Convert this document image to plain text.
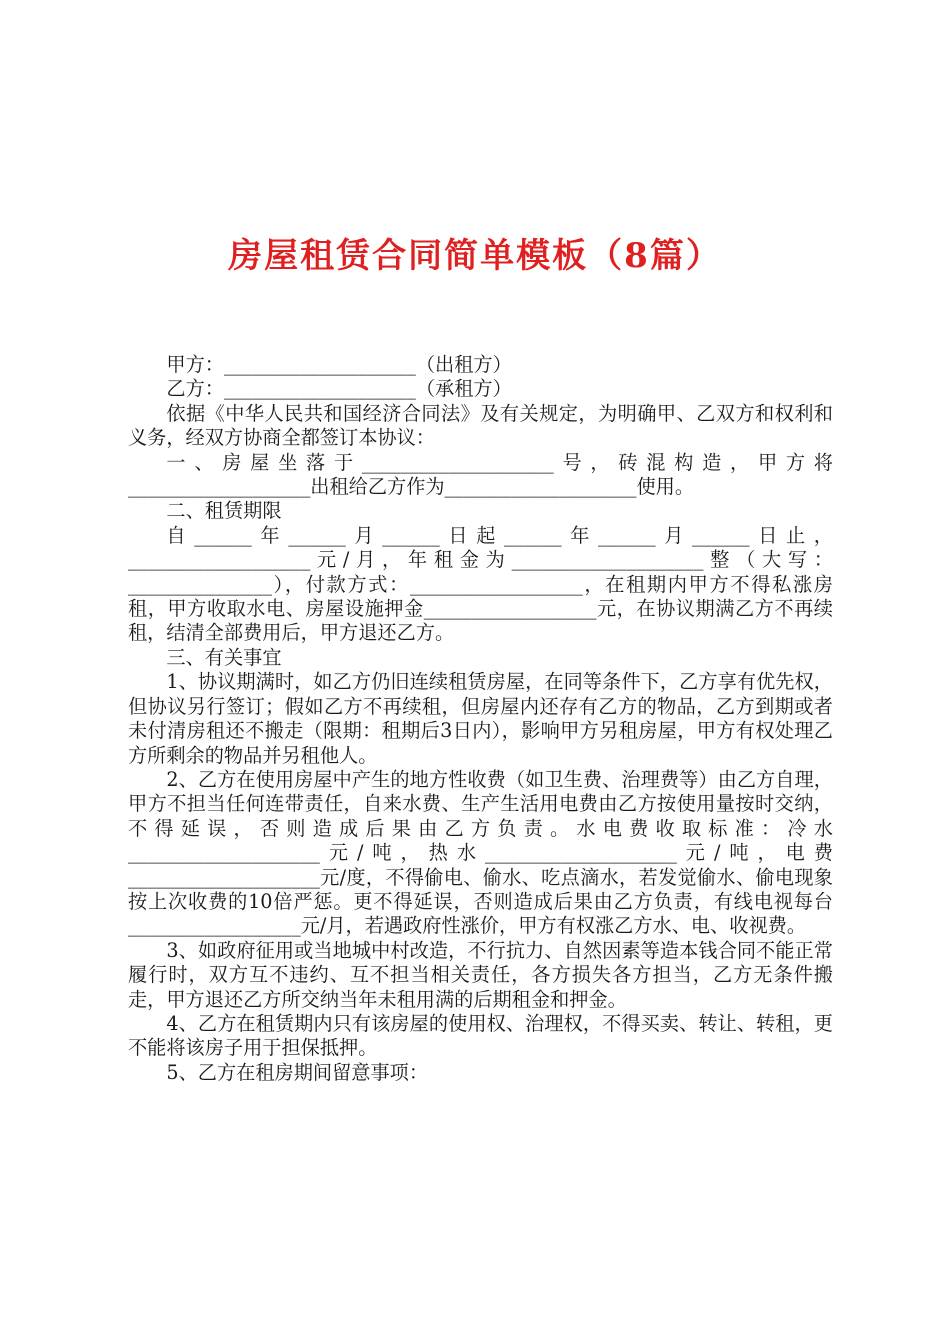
房屋租赁合同简单模板（8篇）

甲方：____________________（出租方）

乙方：____________________（承租方）

依据《中华人民共和国经济合同法》及有关规定，为明确甲、乙双方和权利和义务，经双方协商全都签订本协议：

一、房屋坐落于____________________号，砖混构造，甲方将___________________出租给乙方作为____________________使用。

二、租赁期限

自______年______月______日起______年______月______日止，___________________元/月，年租金为____________________整（大写：_______________），付款方式：__________________，在租期内甲方不得私涨房租，甲方收取水电、房屋设施押金__________________元，在协议期满乙方不再续租，结清全部费用后，甲方退还乙方。

三、有关事宜

1、协议期满时，如乙方仍旧连续租赁房屋，在同等条件下，乙方享有优先权，但协议另行签订；假如乙方不再续租，但房屋内还存有乙方的物品，乙方到期或者未付清房租还不搬走（限期：租期后3日内），影响甲方另租房屋，甲方有权处理乙方所剩余的物品并另租他人。

2、乙方在使用房屋中产生的地方性收费（如卫生费、治理费等）由乙方自理，甲方不担当任何连带责任，自来水费、生产生活用电费由乙方按使用量按时交纳，不得延误，否则造成后果由乙方负责。水电费收取标准：冷水____________________元/吨，热水____________________元/吨，电费____________________元/度，不得偷电、偷水、吃点滴水，若发觉偷水、偷电现象按上次收费的10倍严惩。更不得延误，否则造成后果由乙方负责，有线电视每台__________________元/月，若遇政府性涨价，甲方有权涨乙方水、电、收视费。

3、如政府征用或当地城中村改造，不行抗力、自然因素等造本钱合同不能正常履行时，双方互不违约、互不担当相关责任，各方损失各方担当，乙方无条件搬走，甲方退还乙方所交纳当年未租用满的后期租金和押金。

4、乙方在租赁期内只有该房屋的使用权、治理权，不得买卖、转让、转租，更不能将该房子用于担保抵押。

5、乙方在租房期间留意事项：
